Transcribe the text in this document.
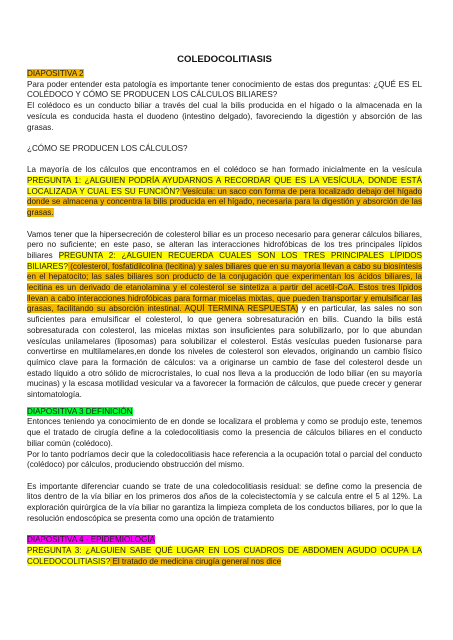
COLEDOCOLITIASIS

DIAPOSITIVA 2

Para poder entender esta patología es importante tener conocimiento de estas dos preguntas: ¿QUÉ ES EL COLÉDOCO Y CÓMO SE PRODUCEN LOS CÁLCULOS BILIARES?

El colédoco es un conducto biliar a través del cual la bilis producida en el hígado o la almacenada en la vesícula es conducida hasta el duodeno (intestino delgado), favoreciendo la digestión y absorción de las grasas.

¿CÓMO SE PRODUCEN LOS CÁLCULOS?

La mayoría de los cálculos que encontramos en el colédoco se han formado inicialmente en la vesícula PREGUNTA 1: ¿ALGUIEN PODRÍA AYUDARNOS A RECORDAR QUE ES LA VESÍCULA, DONDE ESTÁ LOCALIZADA Y CUAL ES SU FUNCIÓN? Vesícula: un saco con forma de pera localizado debajo del hígado donde se almacena y concentra la bilis producida en el hígado, necesaria para la digestión y absorción de las grasas.

Vamos tener que la hipersecreción de colesterol biliar es un proceso necesario para generar cálculos biliares, pero no suficiente; en este paso, se alteran las interacciones hidrofóbicas de los tres principales lípidos biliares PREGUNTA 2: ¿ALGUIEN RECUERDA CUALES SON LOS TRES PRINCIPALES LÍPIDOS BILIARES? (colesterol, fosfatidilcolina (lecitina) y sales biliares que en su mayoría llevan a cabo su biosíntesis en el hepatocito; las sales biliares son producto de la conjugación que experimentan los ácidos biliares, la lecitina es un derivado de etanolamina y el colesterol se sintetiza a partir del acetil-CoA. Estos tres lípidos llevan a cabo interacciones hidrofóbicas para formar micelas mixtas, que pueden transportar y emulsificar las grasas, facilitando su absorción intestinal. AQUÍ TERMINA RESPUESTA) y en particular, las sales no son suficientes para emulsificar el colesterol, lo que genera sobresaturación en bilis. Cuando la bilis está sobresaturada con colesterol, las micelas mixtas son insuficientes para solubilizarlo, por lo que abundan vesículas unilamelares (liposomas) para solubilizar el colesterol. Estás vesículas pueden fusionarse para convertirse en multilamelares,en donde los niveles de colesterol son elevados, originando un cambio físico químico clave para la formación de cálculos: va a originarse un cambio de fase del colesterol desde un estado líquido a otro sólido de microcristales, lo cual nos lleva a la producción de lodo biliar (en su mayoría mucinas) y la escasa motilidad vesicular va a favorecer la formación de cálculos, que puede crecer y generar sintomatología.

DIAPOSITIVA 3 DEFINICIÓN

Entonces teniendo ya conocimiento de en donde se localizara el problema y como se produjo este, tenemos que el tratado de cirugía define a la coledocolitiasis como la presencia de cálculos biliares en el conducto biliar común (colédoco).

Por lo tanto podríamos decir que la coledocolitiasis hace referencia a la ocupación total o parcial del conducto (colédoco) por cálculos, produciendo obstrucción del mismo.

Es importante diferenciar cuando se trate de una coledocolitiasis residual: se define como la presencia de litos dentro de la vía biliar en los primeros dos años de la colecistectomía y se calcula entre el 5 al 12%. La exploración quirúrgica de la vía biliar no garantiza la limpieza completa de los conductos biliares, por lo que la resolución endoscópica se presenta como una opción de tratamiento

DIAPOSITIVA 4 - EPIDEMIOLOGÍA

PREGUNTA 3: ¿ALGUIEN SABE QUÉ LUGAR EN LOS CUADROS DE ABDOMEN AGUDO OCUPA LA COLEDOCOLITIASIS? El tratado de medicina cirugía general nos dice
